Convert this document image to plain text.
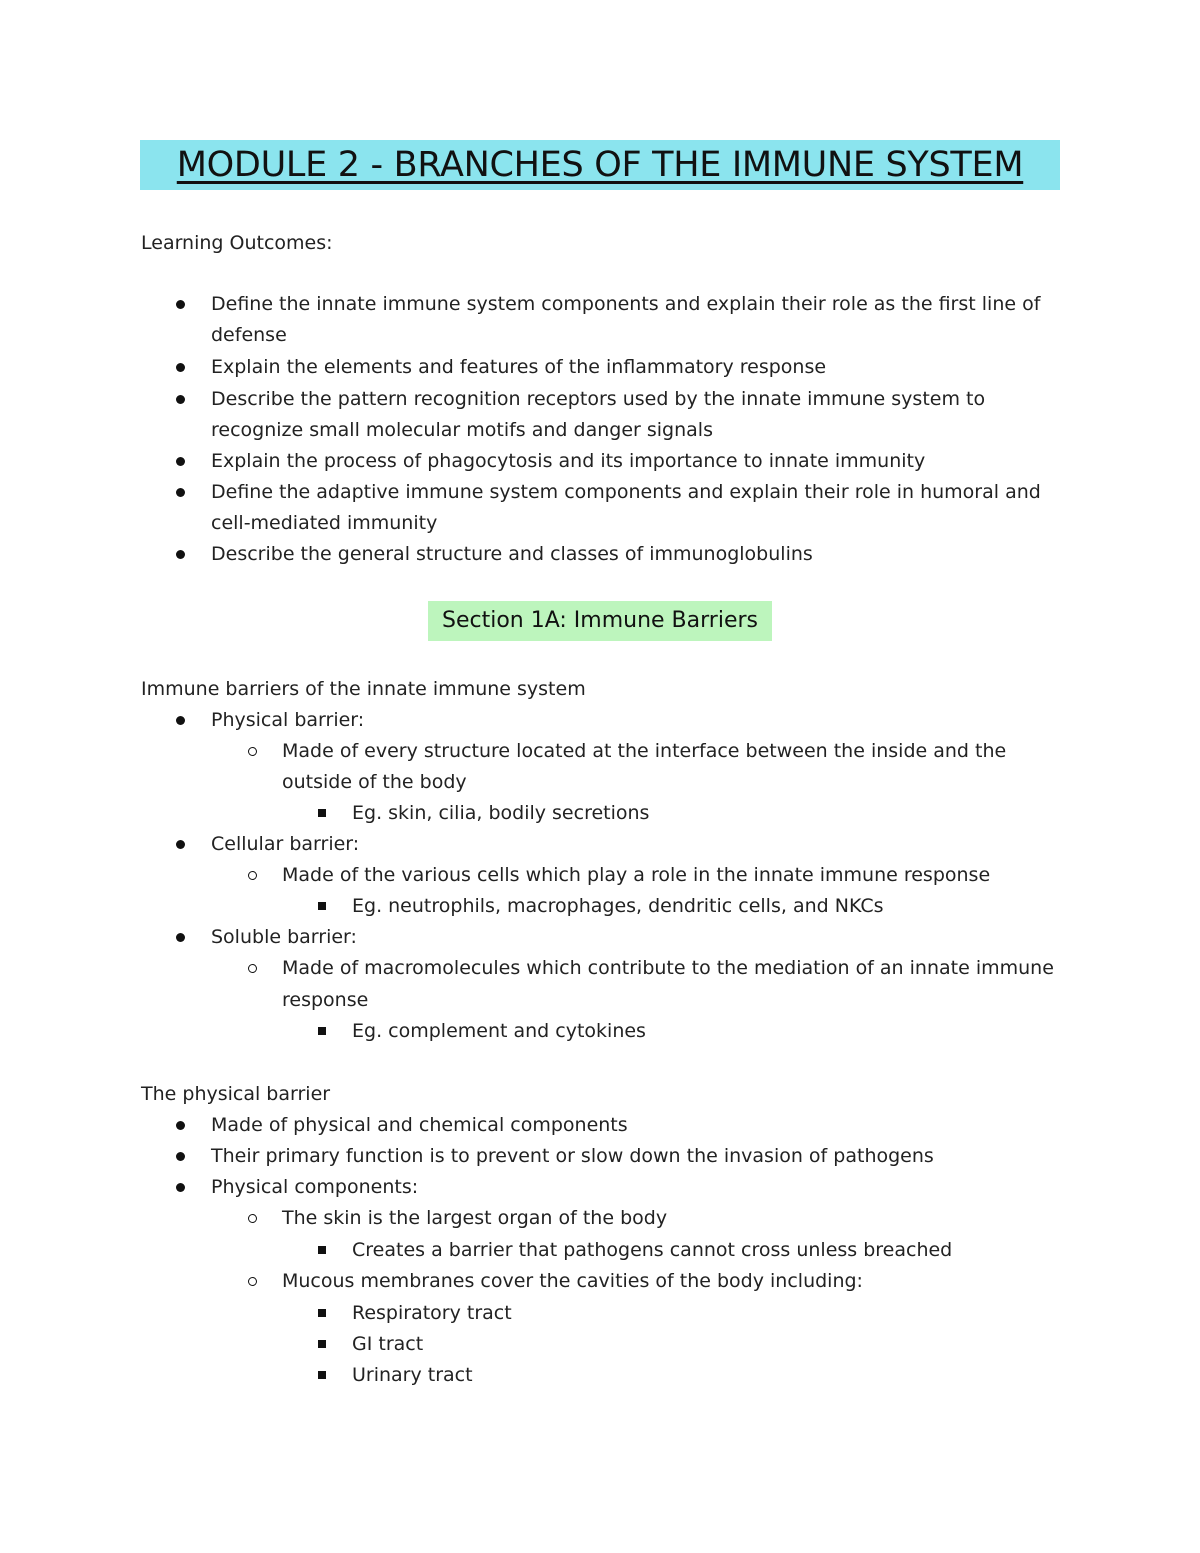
MODULE 2 - BRANCHES OF THE IMMUNE SYSTEM
Learning Outcomes:
Define the innate immune system components and explain their role as the first line of
defense
Explain the elements and features of the inflammatory response
Describe the pattern recognition receptors used by the innate immune system to
recognize small molecular motifs and danger signals
Explain the process of phagocytosis and its importance to innate immunity
Define the adaptive immune system components and explain their role in humoral and
cell-mediated immunity
Describe the general structure and classes of immunoglobulins
Section 1A: Immune Barriers
Immune barriers of the innate immune system
Physical barrier:
Made of every structure located at the interface between the inside and the
outside of the body
Eg. skin, cilia, bodily secretions
Cellular barrier:
Made of the various cells which play a role in the innate immune response
Eg. neutrophils, macrophages, dendritic cells, and NKCs
Soluble barrier:
Made of macromolecules which contribute to the mediation of an innate immune
response
Eg. complement and cytokines
The physical barrier
Made of physical and chemical components
Their primary function is to prevent or slow down the invasion of pathogens
Physical components:
The skin is the largest organ of the body
Creates a barrier that pathogens cannot cross unless breached
Mucous membranes cover the cavities of the body including:
Respiratory tract
GI tract
Urinary tract
